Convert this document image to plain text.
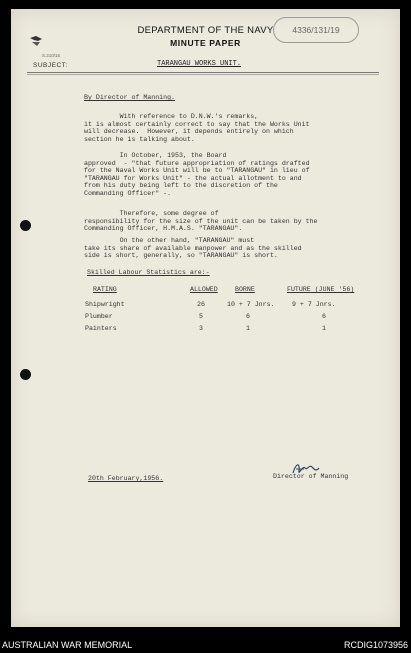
DEPARTMENT OF THE NAVY
MINUTE PAPER
4336/131/19
S.210/15
SUBJECT:	TARANGAU WORKS UNIT.
By Director of Manning.
With reference to D.N.W.'s remarks,
it is almost certainly correct to say that the Works Unit
will decrease.  However, it depends entirely on which
section he is talking about.
In October, 1953, the Board
approved  - "that future appropriation of ratings drafted
for the Naval Works Unit will be to "TARANGAU" in lieu of
"TARANGAU for Works Unit" - the actual allotment to and
from his duty being left to the discretion of the
Commanding Officer" -.
Therefore, some degree of
responsibility for the size of the unit can be taken by the
Commanding Officer, H.M.A.S. "TARANGAU".
On the other hand, "TARANGAU" must
take its share of available manpower and as the skilled
side is short, generally, so "TARANGAU" is short.
Skilled Labour Statistics are:-
RATING	ALLOWED	BORNE	FUTURE (JUNE '56)
Shipwright	26	10 + 7 Jnrs.	9 + 7 Jnrs.
Plumber	5	6	6
Painters	3	1	1
20th February,1956.	Director of Manning
AUSTRALIAN WAR MEMORIAL	RCDIG1073956
